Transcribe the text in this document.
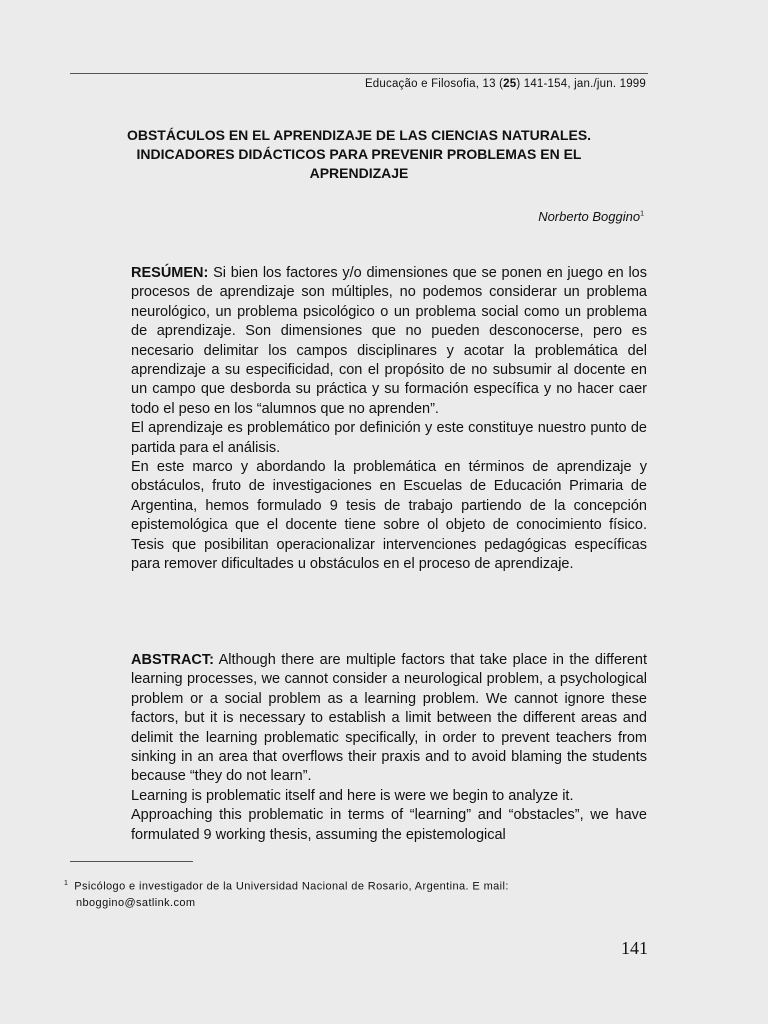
Educação e Filosofia, 13 (25) 141-154, jan./jun. 1999
OBSTÁCULOS EN EL APRENDIZAJE DE LAS CIENCIAS NATURALES.
INDICADORES DIDÁCTICOS PARA PREVENIR PROBLEMAS EN EL
APRENDIZAJE
Norberto Boggino$^1$

RESÚMEN: Si bien los factores y/o dimensiones que se ponen en juego en los procesos de aprendizaje son múltiples, no podemos considerar un problema neurológico, un problema psicológico o un problema social como un problema de aprendizaje. Son dimensiones que no pueden desconocerse, pero es necesario delimitar los campos disciplinares y acotar la problemática del aprendizaje a su especificidad, con el propósito de no subsumir al docente en un campo que desborda su práctica y su formación específica y no hacer caer todo el peso en los “alumnos que no aprenden”.

El aprendizaje es problemático por definición y este constituye nuestro punto de partida para el análisis.

En este marco y abordando la problemática en términos de aprendizaje y obstáculos, fruto de investigaciones en Escuelas de Educación Primaria de Argentina, hemos formulado 9 tesis de trabajo partiendo de la concepción epistemológica que el docente tiene sobre ol objeto de conocimiento físico. Tesis que posibilitan operacionalizar intervenciones pedagógicas específicas para remover dificultades u obstáculos en el proceso de aprendizaje.

ABSTRACT: Although there are multiple factors that take place in the different learning processes, we cannot consider a neurological problem, a psychological problem or a social problem as a learning problem. We cannot ignore these factors, but it is necessary to establish a limit between the different areas and delimit the learning problematic specifically, in order to prevent teachers from sinking in an area that overflows their praxis and to avoid blaming the students because “they do not learn”.

Learning is problematic itself and here is were we begin to analyze it.

Approaching this problematic in terms of “learning” and “obstacles”, we have formulated 9 working thesis, assuming the epistemological

$^1$ Psicólogo e investigador de la Universidad Nacional de Rosario, Argentina. E mail:
nboggino@satlink.com
141
